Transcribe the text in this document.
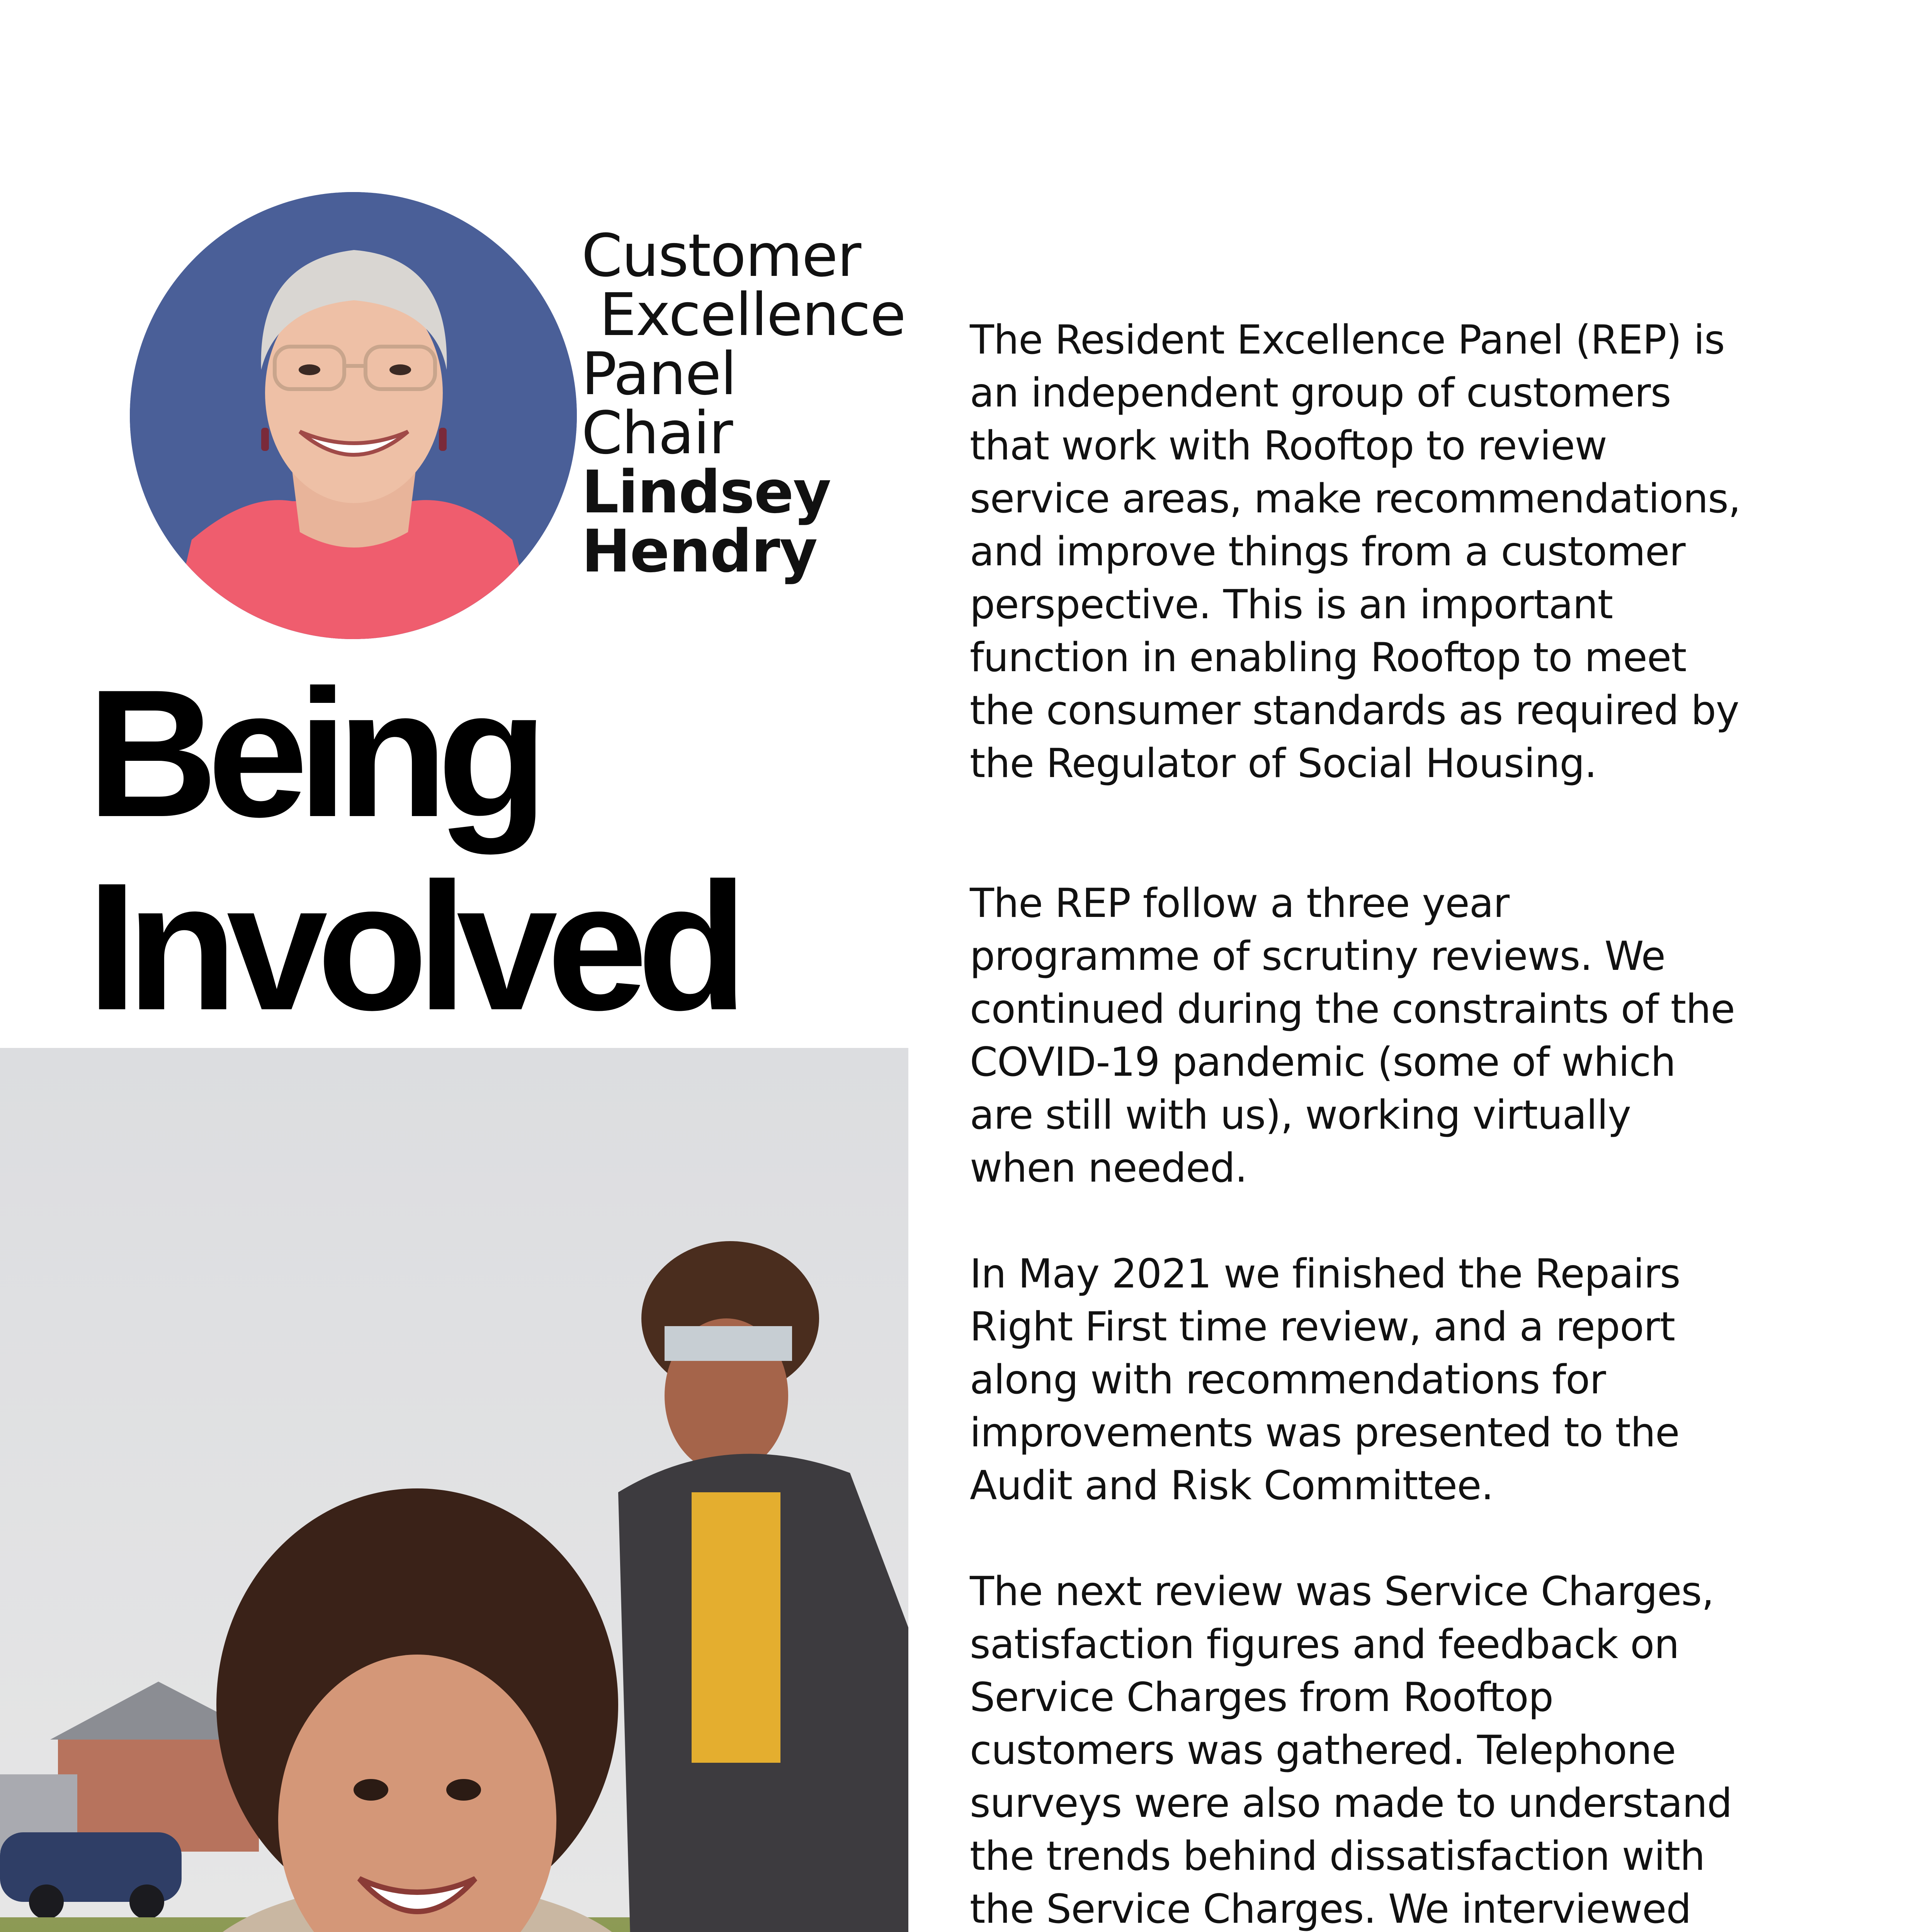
Customer
Excellence
Panel
Chair
Lindsey
Hendry
Being
Involved

The Resident Excellence Panel (REP) is an independent group of customers that work with Rooftop to review service areas, make recommendations, and improve things from a customer perspective. This is an important function in enabling Rooftop to meet the consumer standards as required by the Regulator of Social Housing.

The REP follow a three year programme of scrutiny reviews. We continued during the constraints of the COVID-19 pandemic (some of which are still with us), working virtually when needed.

In May 2021 we finished the Repairs Right First time review, and a report along with recommendations for improvements was presented to the Audit and Risk Committee.

The next review was Service Charges, satisfaction figures and feedback on Service Charges from Rooftop customers was gathered. Telephone surveys were also made to understand the trends behind dissatisfaction with the Service Charges. We interviewed
